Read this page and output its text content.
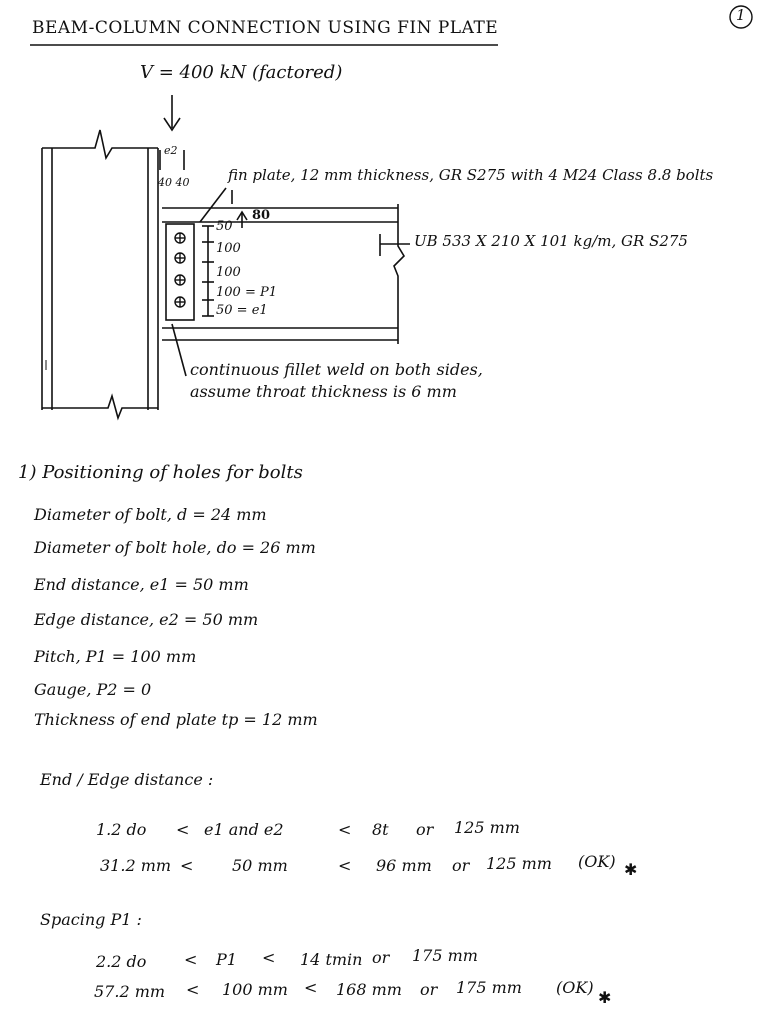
1
BEAM-COLUMN CONNECTION USING FIN PLATE
V = 400 kN (factored)
e2
40 40	fin plate, 12 mm thickness, GR S275 with 4 M24 Class 8.8 bolts
UB 533 X 210 X 101 kg/m, GR S275
80
50
100
100
100 = P1
50 = e1
continuous fillet weld on both sides,
assume throat thickness is 6 mm
1) Positioning of holes for bolts
Diameter of bolt, d = 24 mm
Diameter of bolt hole, do = 26 mm
End distance, e1 = 50 mm
Edge distance, e2 = 50 mm
Pitch, P1 = 100 mm
Gauge, P2 = 0
Thickness of end plate tp = 12 mm
End / Edge distance :
1.2 do < e1 and e2	< 8t or 125 mm
31.2 mm < 50 mm	< 96 mm or 125 mm (OK) ✱
Spacing P1 :
2.2 do < P1 < 14 tmin or 175 mm
57.2 mm < 100 mm < 168 mm or 175 mm (OK)
✱
